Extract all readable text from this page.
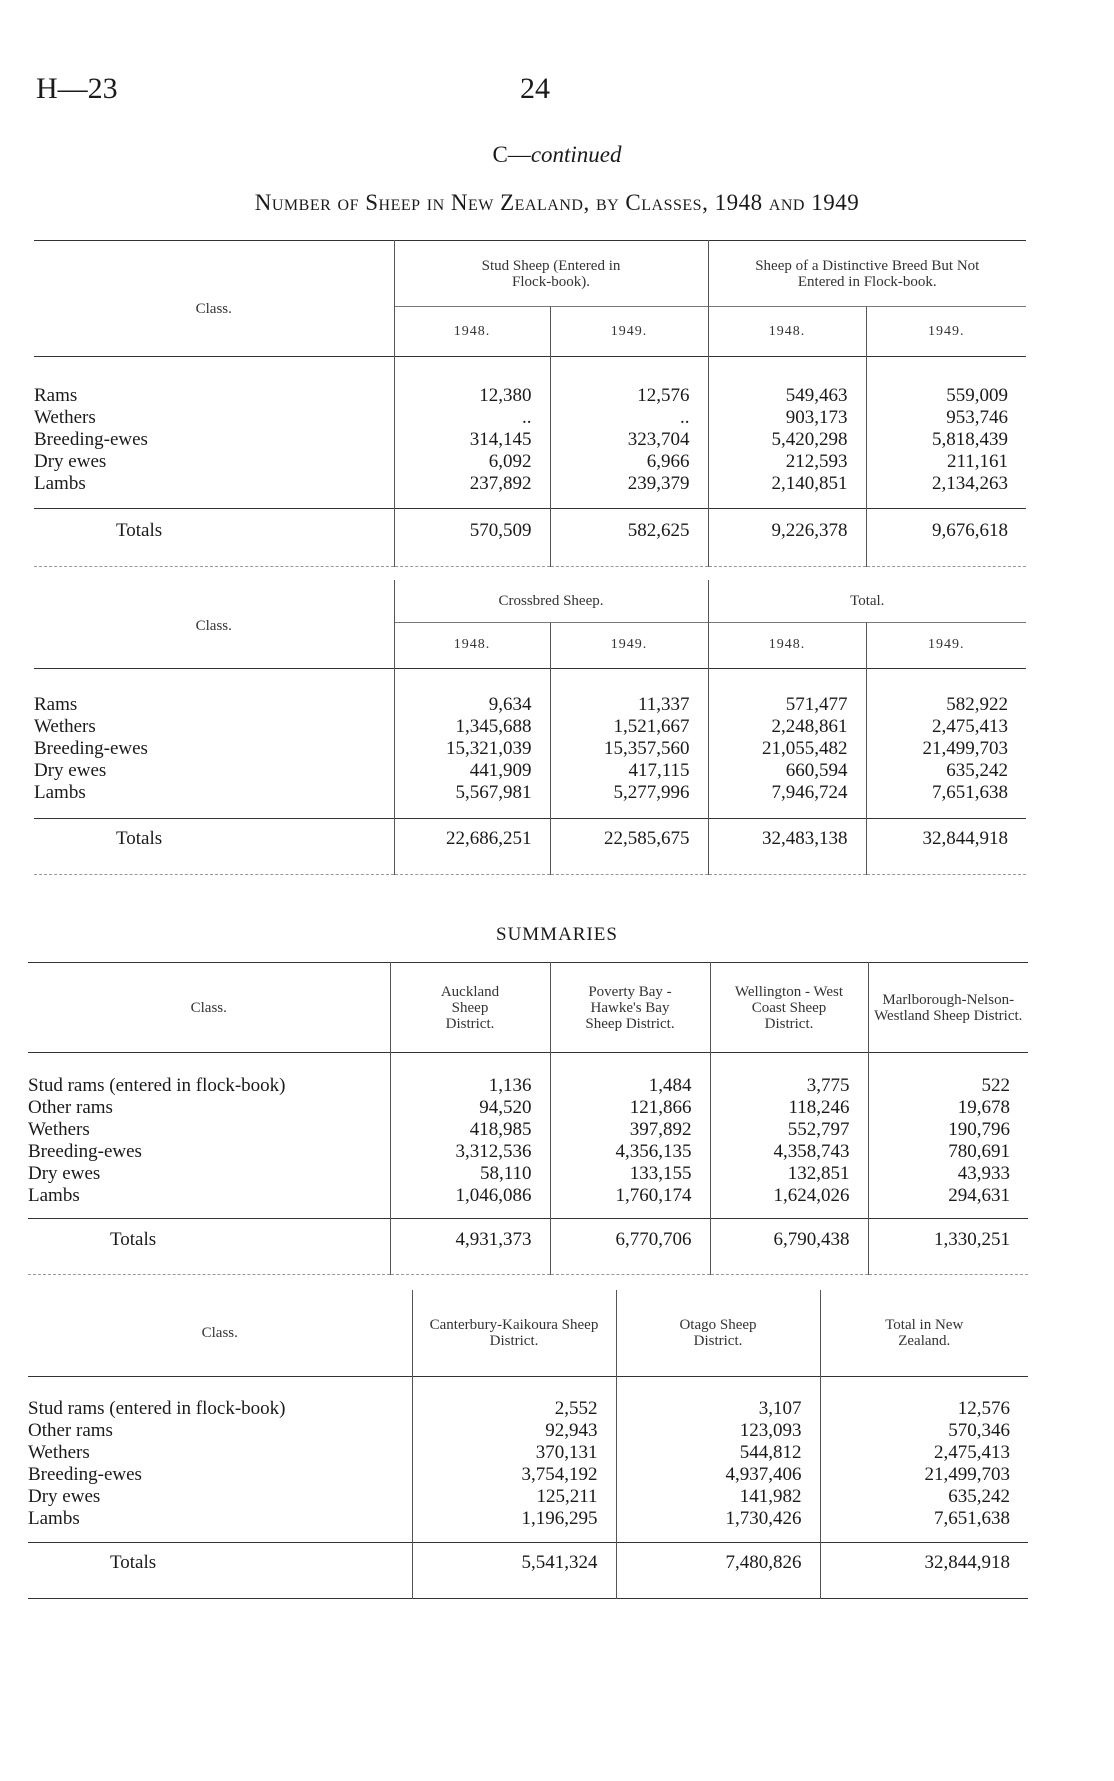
H—23	24
C—continued
Number of Sheep in New Zealand, by Classes, 1948 and 1949
Class.	Stud Sheep (Entered in Flock-book).		Sheep of a Distinctive Breed But Not Entered in Flock-book.	
	1948.	1949.	1948.	1949.

Rams	12,380	12,576	549,463	559,009
Wethers	..	..	903,173	953,746
Breeding-ewes	314,145	323,704	5,420,298	5,818,439
Dry ewes	6,092	6,966	212,593	211,161
Lambs	237,892	239,379	2,140,851	2,134,263

Totals	570,509	582,625	9,226,378	9,676,618

Class.	Crossbred Sheep.		Total.	
	1948.	1949.	1948.	1949.

Rams	9,634	11,337	571,477	582,922
Wethers	1,345,688	1,521,667	2,248,861	2,475,413
Breeding-ewes	15,321,039	15,357,560	21,055,482	21,499,703
Dry ewes	441,909	417,115	660,594	635,242
Lambs	5,567,981	5,277,996	7,946,724	7,651,638

Totals	22,686,251	22,585,675	32,483,138	32,844,918

SUMMARIES
Class.	Auckland Sheep District.	Poverty Bay - Hawke's Bay Sheep District.	Wellington - West Coast Sheep District.	Marlborough-Nelson-Westland Sheep District.

Stud rams (entered in flock-book)	1,136	1,484	3,775	522
Other rams	94,520	121,866	118,246	19,678
Wethers	418,985	397,892	552,797	190,796
Breeding-ewes	3,312,536	4,356,135	4,358,743	780,691
Dry ewes	58,110	133,155	132,851	43,933
Lambs	1,046,086	1,760,174	1,624,026	294,631

Totals	4,931,373	6,770,706	6,790,438	1,330,251

Class.	Canterbury-Kaikoura Sheep District.	Otago Sheep District.	Total in New Zealand.

Stud rams (entered in flock-book)	2,552	3,107	12,576
Other rams	92,943	123,093	570,346
Wethers	370,131	544,812	2,475,413
Breeding-ewes	3,754,192	4,937,406	21,499,703
Dry ewes	125,211	141,982	635,242
Lambs	1,196,295	1,730,426	7,651,638

Totals	5,541,324	7,480,826	32,844,918
